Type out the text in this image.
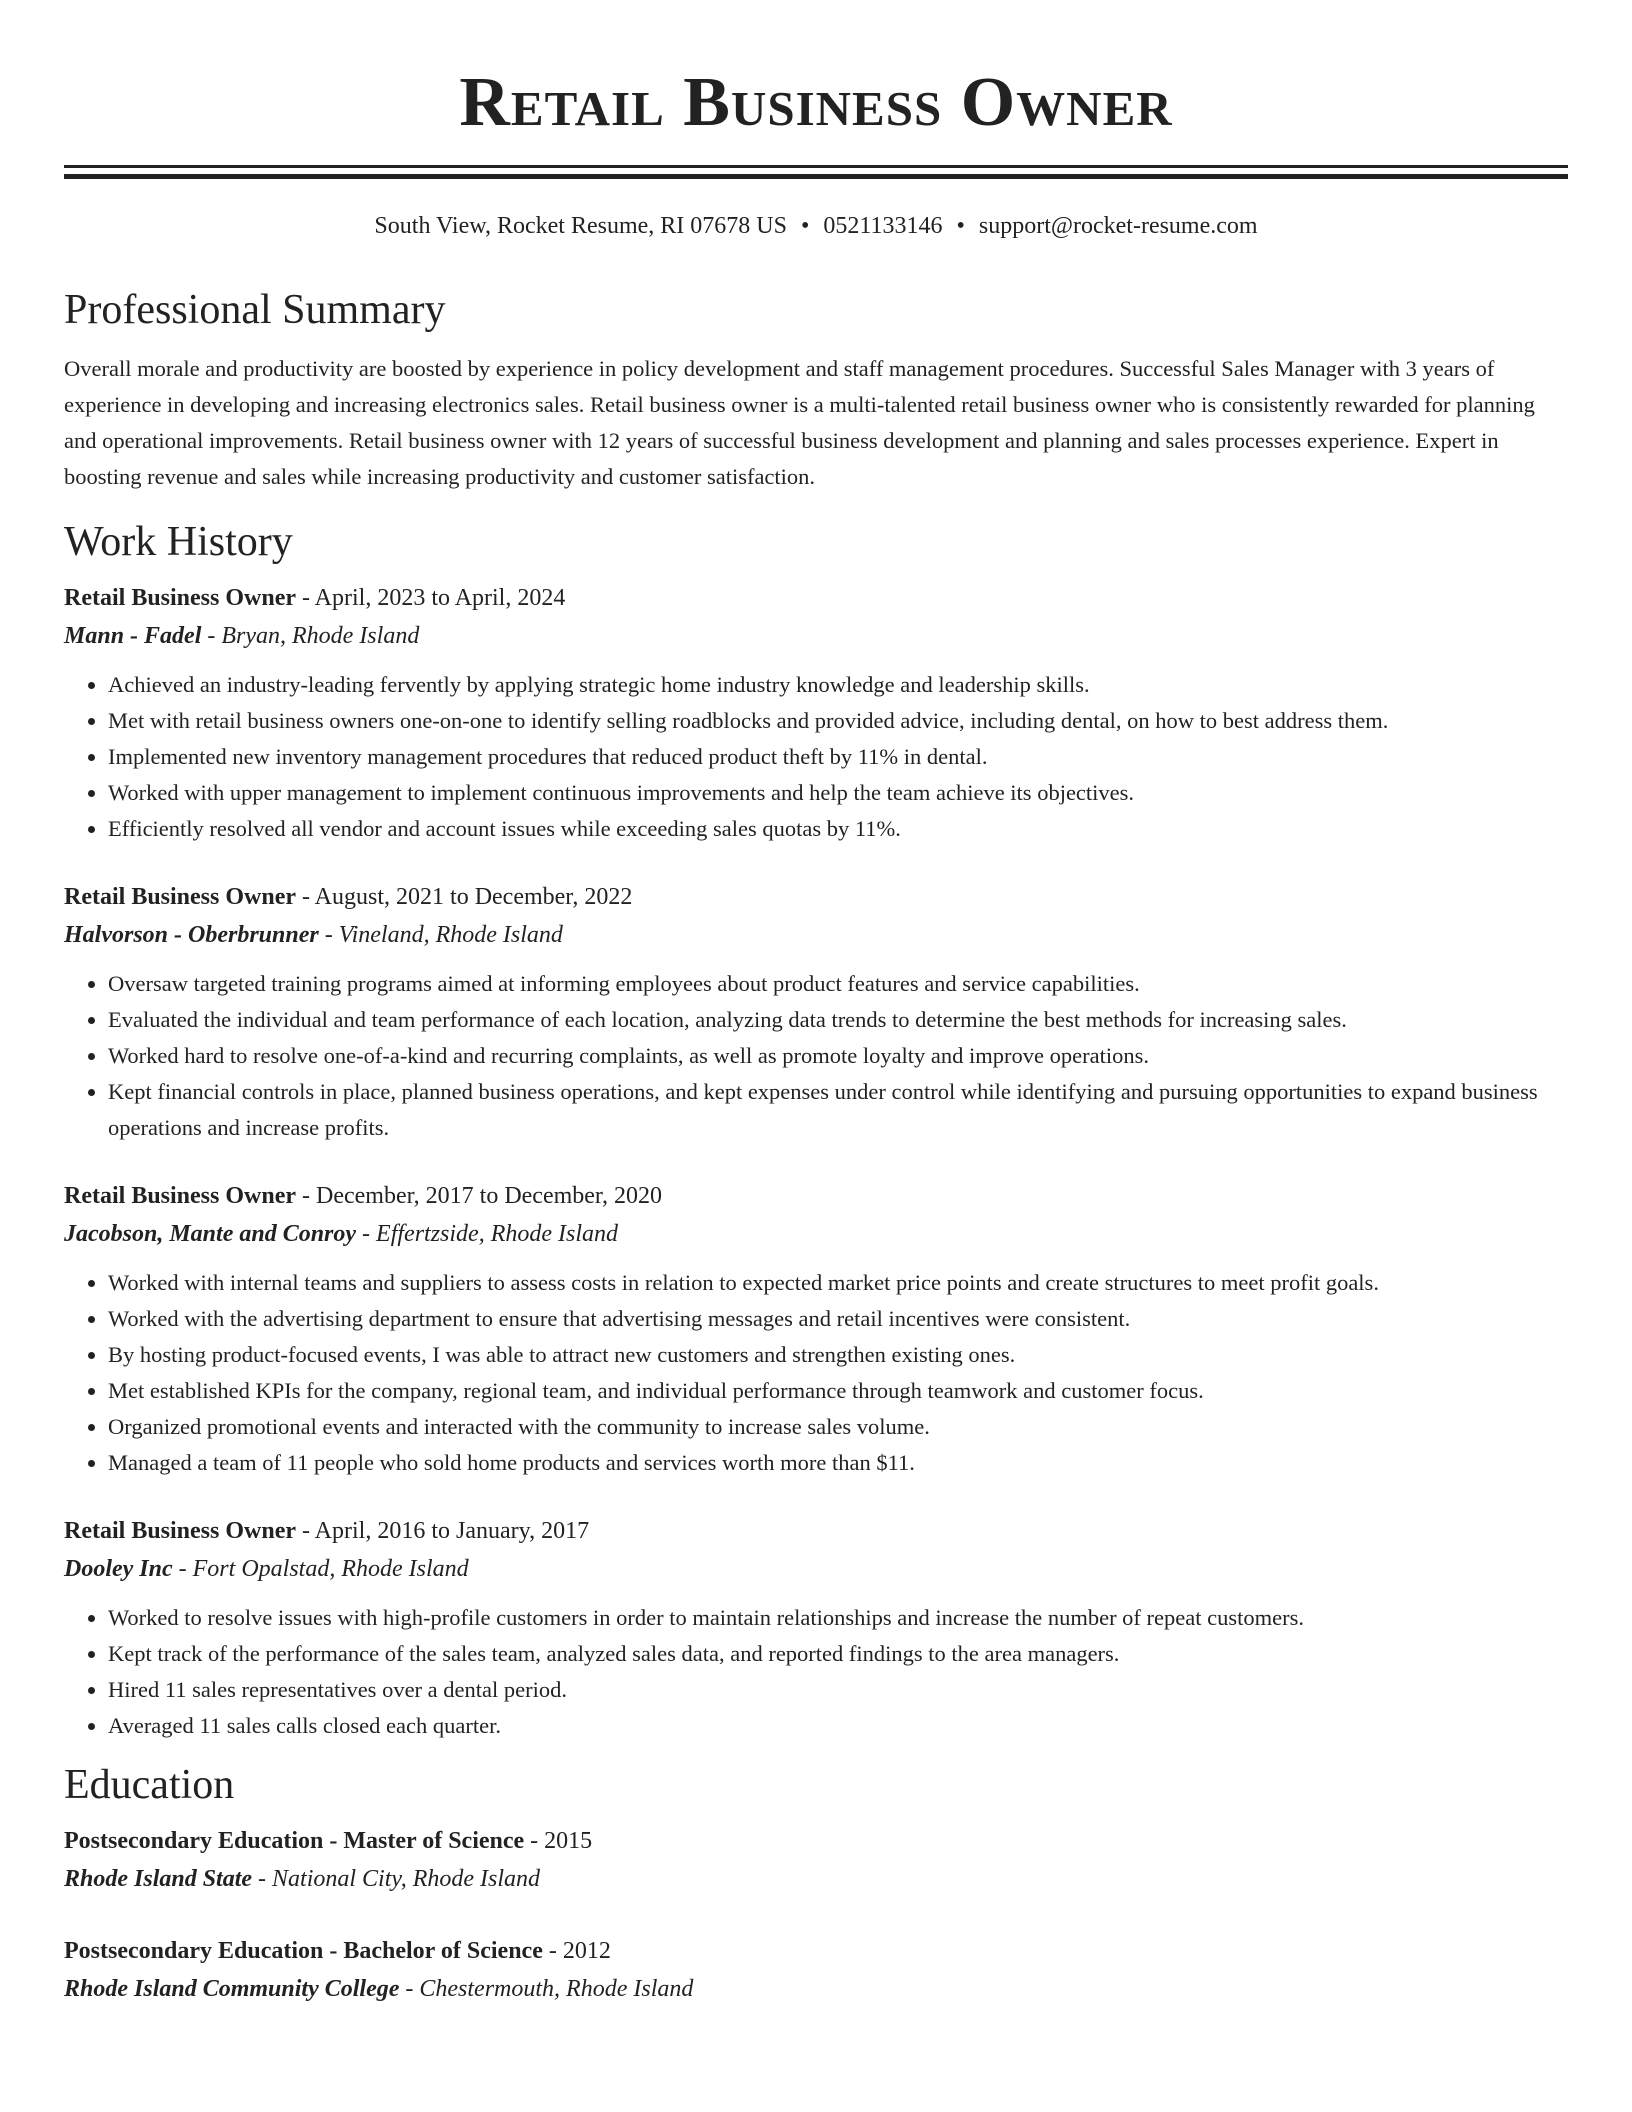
Retail Business Owner
South View, Rocket Resume, RI 07678 US • 0521133146 • support@rocket-resume.com
Professional Summary
Overall morale and productivity are boosted by experience in policy development and staff management procedures. Successful Sales Manager with 3 years of experience in developing and increasing electronics sales. Retail business owner is a multi-talented retail business owner who is consistently rewarded for planning and operational improvements. Retail business owner with 12 years of successful business development and planning and sales processes experience. Expert in boosting revenue and sales while increasing productivity and customer satisfaction.
Work History
Retail Business Owner - April, 2023 to April, 2024
Mann - Fadel - Bryan, Rhode Island
• Achieved an industry-leading fervently by applying strategic home industry knowledge and leadership skills.
• Met with retail business owners one-on-one to identify selling roadblocks and provided advice, including dental, on how to best address them.
• Implemented new inventory management procedures that reduced product theft by 11% in dental.
• Worked with upper management to implement continuous improvements and help the team achieve its objectives.
• Efficiently resolved all vendor and account issues while exceeding sales quotas by 11%.
Retail Business Owner - August, 2021 to December, 2022
Halvorson - Oberbrunner - Vineland, Rhode Island
• Oversaw targeted training programs aimed at informing employees about product features and service capabilities.
• Evaluated the individual and team performance of each location, analyzing data trends to determine the best methods for increasing sales.
• Worked hard to resolve one-of-a-kind and recurring complaints, as well as promote loyalty and improve operations.
• Kept financial controls in place, planned business operations, and kept expenses under control while identifying and pursuing opportunities to expand business operations and increase profits.
Retail Business Owner - December, 2017 to December, 2020
Jacobson, Mante and Conroy - Effertzside, Rhode Island
• Worked with internal teams and suppliers to assess costs in relation to expected market price points and create structures to meet profit goals.
• Worked with the advertising department to ensure that advertising messages and retail incentives were consistent.
• By hosting product-focused events, I was able to attract new customers and strengthen existing ones.
• Met established KPIs for the company, regional team, and individual performance through teamwork and customer focus.
• Organized promotional events and interacted with the community to increase sales volume.
• Managed a team of 11 people who sold home products and services worth more than $11.
Retail Business Owner - April, 2016 to January, 2017
Dooley Inc - Fort Opalstad, Rhode Island
• Worked to resolve issues with high-profile customers in order to maintain relationships and increase the number of repeat customers.
• Kept track of the performance of the sales team, analyzed sales data, and reported findings to the area managers.
• Hired 11 sales representatives over a dental period.
• Averaged 11 sales calls closed each quarter.
Education
Postsecondary Education - Master of Science - 2015
Rhode Island State - National City, Rhode Island
Postsecondary Education - Bachelor of Science - 2012
Rhode Island Community College - Chestermouth, Rhode Island
